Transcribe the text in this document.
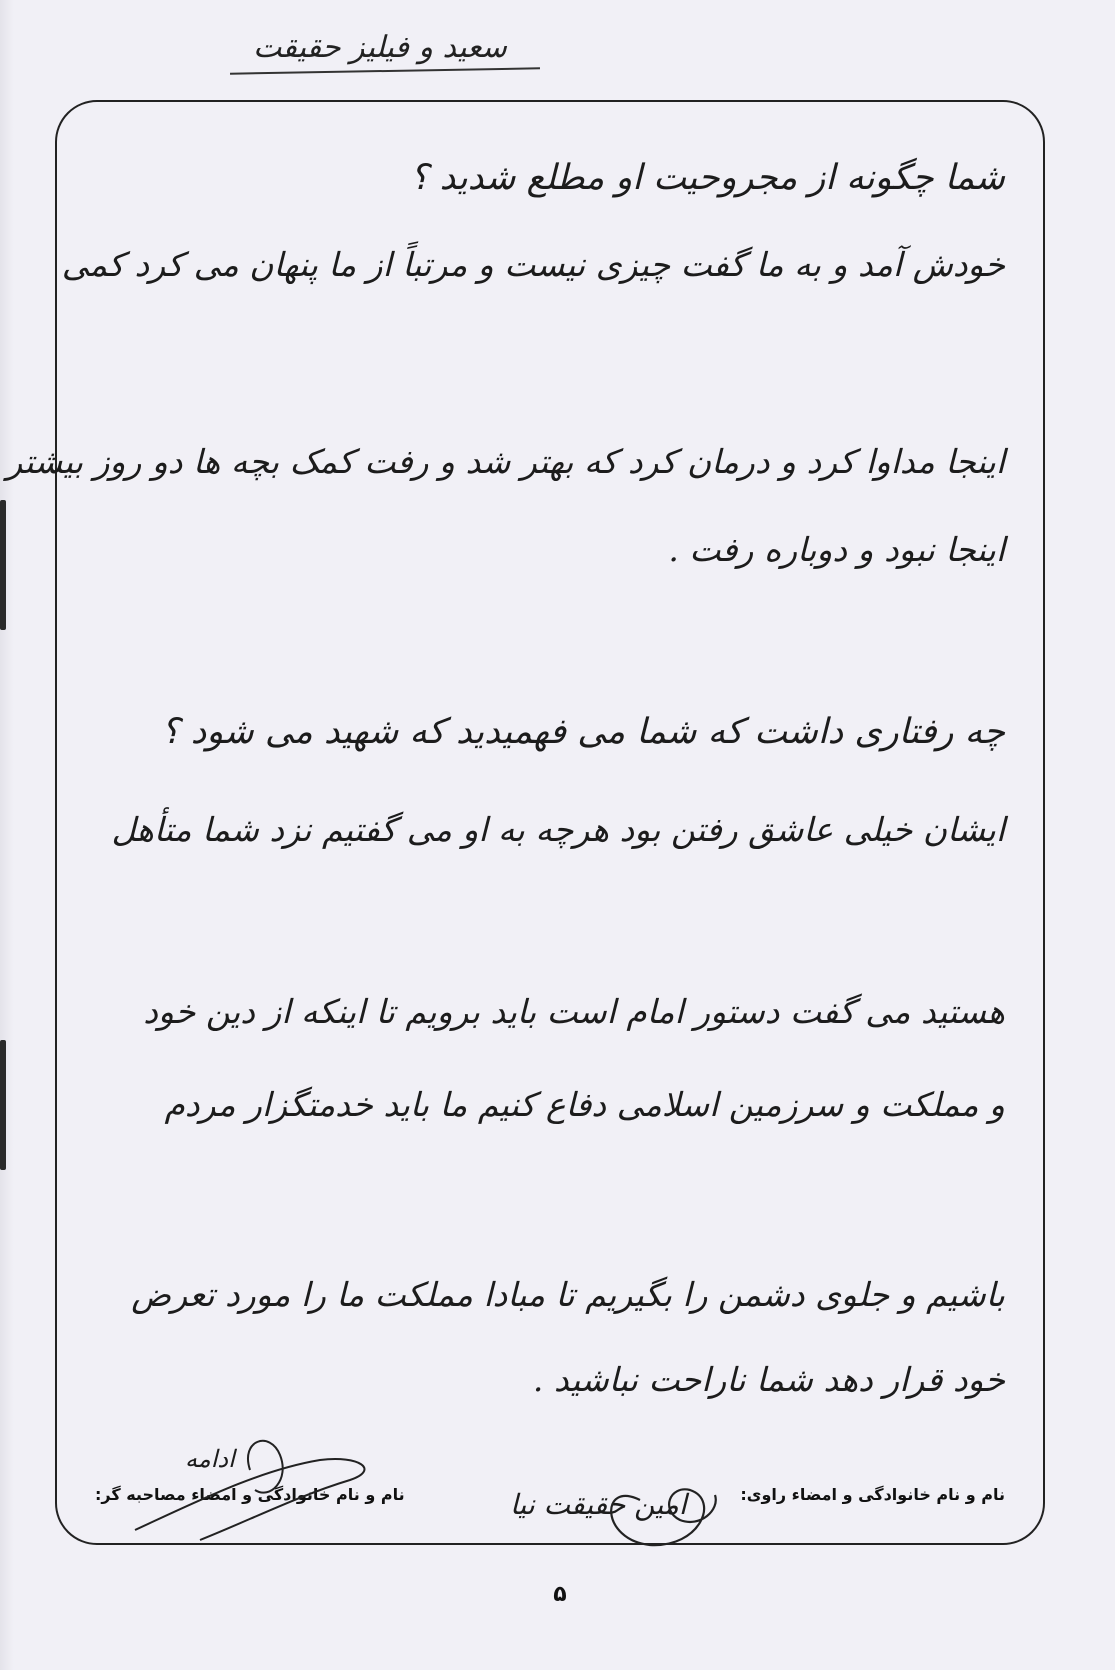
سعید و فیلیز حقیقت
شما چگونه از مجروحیت او مطلع شدید ؟
خودش آمد و به ما گفت چیزی نیست و مرتباً از ما پنهان می کرد کمی
اینجا مداوا کرد و درمان کرد که بهتر شد و رفت کمک بچه ها دو روز بیشتر
اینجا نبود و دوباره رفت .
چه رفتاری داشت که شما می فهمیدید که شهید می شود ؟
ایشان خیلی عاشق رفتن بود هرچه به او می گفتیم نزد شما متأهل
هستید می گفت دستور امام است باید برویم تا اینکه از دین خود
و مملکت و سرزمین اسلامی دفاع کنیم ما باید خدمتگزار مردم
باشیم و جلوی دشمن را بگیریم تا مبادا مملکت ما را مورد تعرض
خود قرار دهد شما ناراحت نباشید .
نام و نام خانوادگی و امضاء راوی:
امین حقیقت نیا
نام و نام خانوادگی و امضاء مصاحبه گر:
ادامه
۵
